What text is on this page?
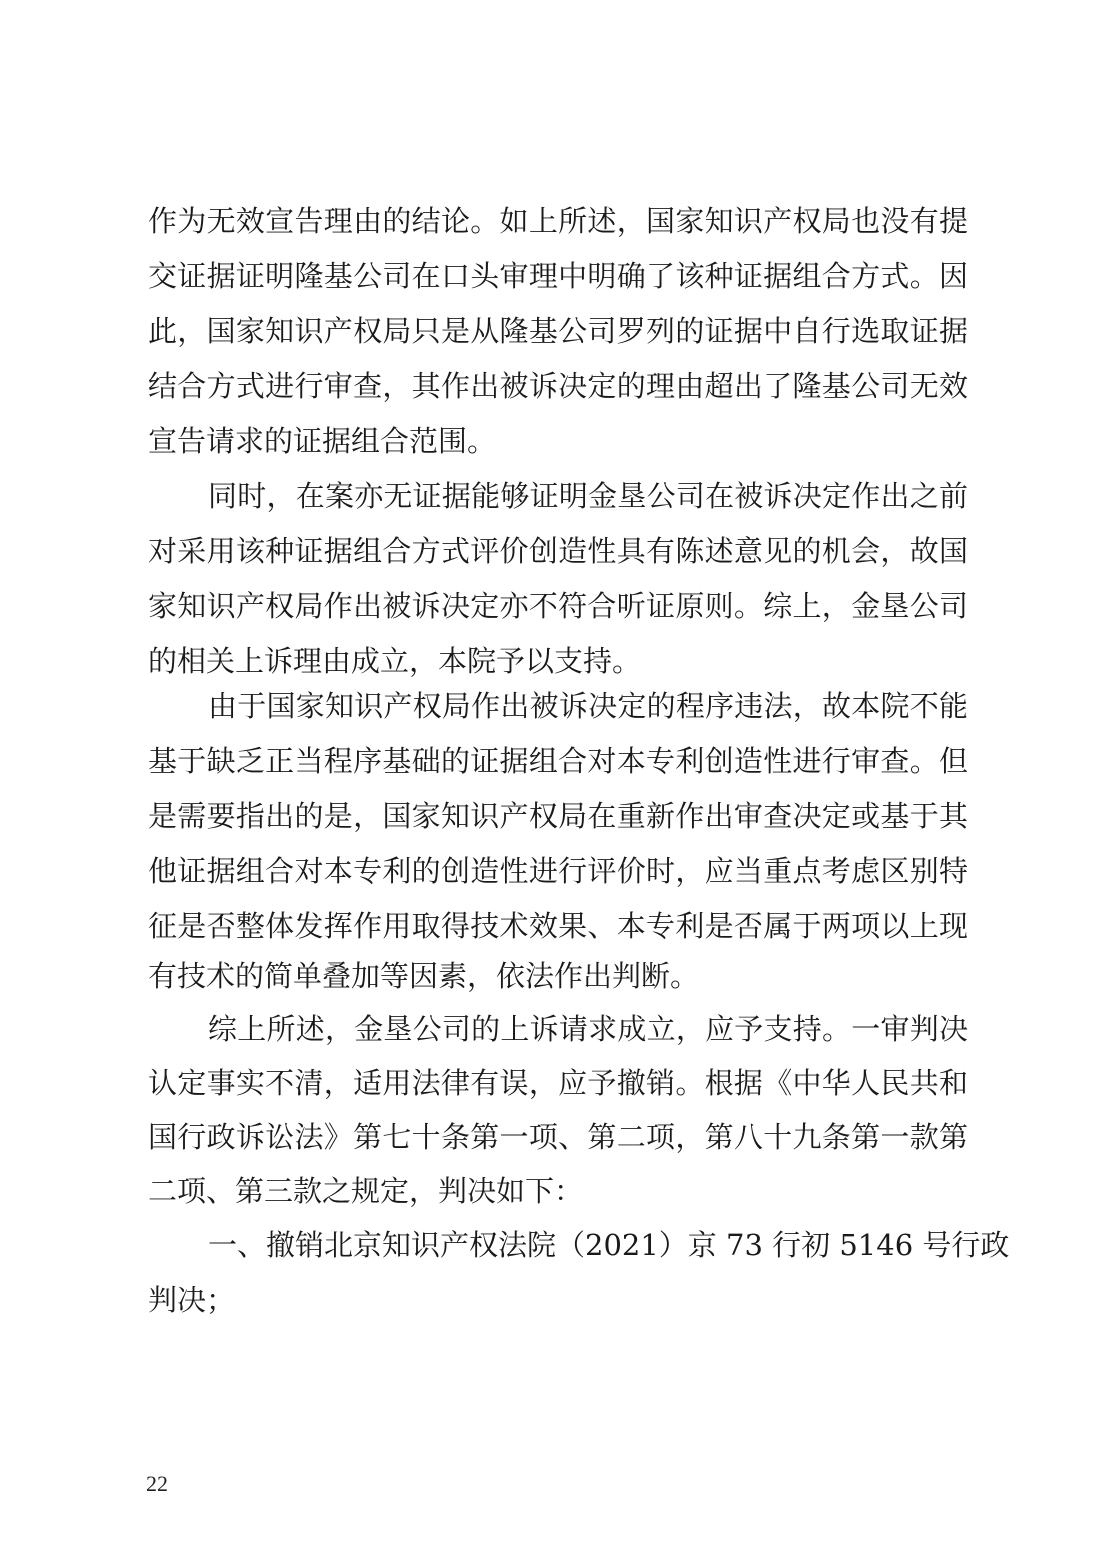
作为无效宣告理由的结论。如上所述，国家知识产权局也没有提
交证据证明隆基公司在口头审理中明确了该种证据组合方式。因
此，国家知识产权局只是从隆基公司罗列的证据中自行选取证据
结合方式进行审查，其作出被诉决定的理由超出了隆基公司无效
宣告请求的证据组合范围。
同时，在案亦无证据能够证明金垦公司在被诉决定作出之前
对采用该种证据组合方式评价创造性具有陈述意见的机会，故国
家知识产权局作出被诉决定亦不符合听证原则。综上，金垦公司
的相关上诉理由成立，本院予以支持。
由于国家知识产权局作出被诉决定的程序违法，故本院不能
基于缺乏正当程序基础的证据组合对本专利创造性进行审查。但
是需要指出的是，国家知识产权局在重新作出审查决定或基于其
他证据组合对本专利的创造性进行评价时，应当重点考虑区别特
征是否整体发挥作用取得技术效果、本专利是否属于两项以上现
有技术的简单叠加等因素，依法作出判断。
综上所述，金垦公司的上诉请求成立，应予支持。一审判决
认定事实不清，适用法律有误，应予撤销。根据《中华人民共和
国行政诉讼法》第七十条第一项、第二项，第八十九条第一款第
二项、第三款之规定，判决如下：
一、撤销北京知识产权法院（2021）京 73 行初 5146 号行政
判决；
22
